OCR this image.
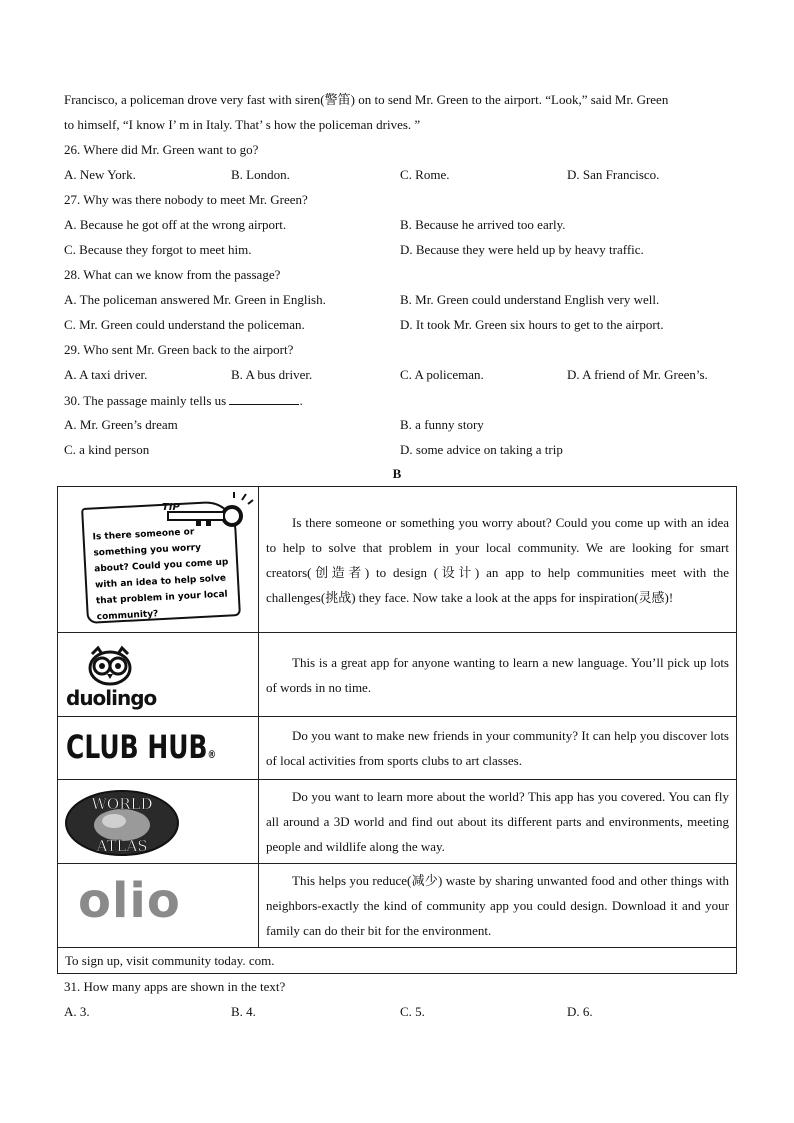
Francisco, a policeman drove very fast with siren(警笛) on to send Mr. Green to the airport. “Look,” said Mr. Green
to himself, “I know I’ m in Italy. That’ s how the policeman drives. ”
26. Where did Mr. Green want to go?
A. New York.	B. London.	C. Rome.	D. San Francisco.
27. Why was there nobody to meet Mr. Green?
A. Because he got off at the wrong airport.	B. Because he arrived too early.
C. Because they forgot to meet him.	D. Because they were held up by heavy traffic.
28. What can we know from the passage?
A. The policeman answered Mr. Green in English.	B. Mr. Green could understand English very well.
C. Mr. Green could understand the policeman.	D. It took Mr. Green six hours to get to the airport.
29. Who sent Mr. Green back to the airport?
A. A taxi driver.	B. A bus driver.	C. A policeman.	D. A friend of Mr. Green’s.
30. The passage mainly tells us	.
A. Mr. Green’s dream	B. a funny story
C. a kind person	D. some advice on taking a trip
B
Is there someone or something you worry about? Could you come up with an idea to help solve that problem in your local community?
TIP	Is there someone or something you worry about? Could you come up with an idea to help to solve that problem in your local community. We are looking for smart creators(创造者) to design (设计) an app to help communities meet with the challenges(挑战) they face. Now take a look at the apps for inspiration(灵感)!

duolingo	This is a great app for anyone wanting to learn a new language. You’ll pick up lots of words in no time.

CLUB HUB®	Do you want to make new friends in your community? It can help you discover lots of local activities from sports clubs to art classes.

WORLD
ATLAS	Do you want to learn more about the world? This app has you covered. You can fly all around a 3D world and find out about its different parts and environments, meeting people and wildlife along the way.

olio	This helps you reduce(减少) waste by sharing unwanted food and other things with neighbors-exactly the kind of community app you could design. Download it and your family can do their bit for the environment.

To sign up, visit community today. com.	
31. How many apps are shown in the text?
A. 3.	B. 4.	C. 5.	D. 6.
